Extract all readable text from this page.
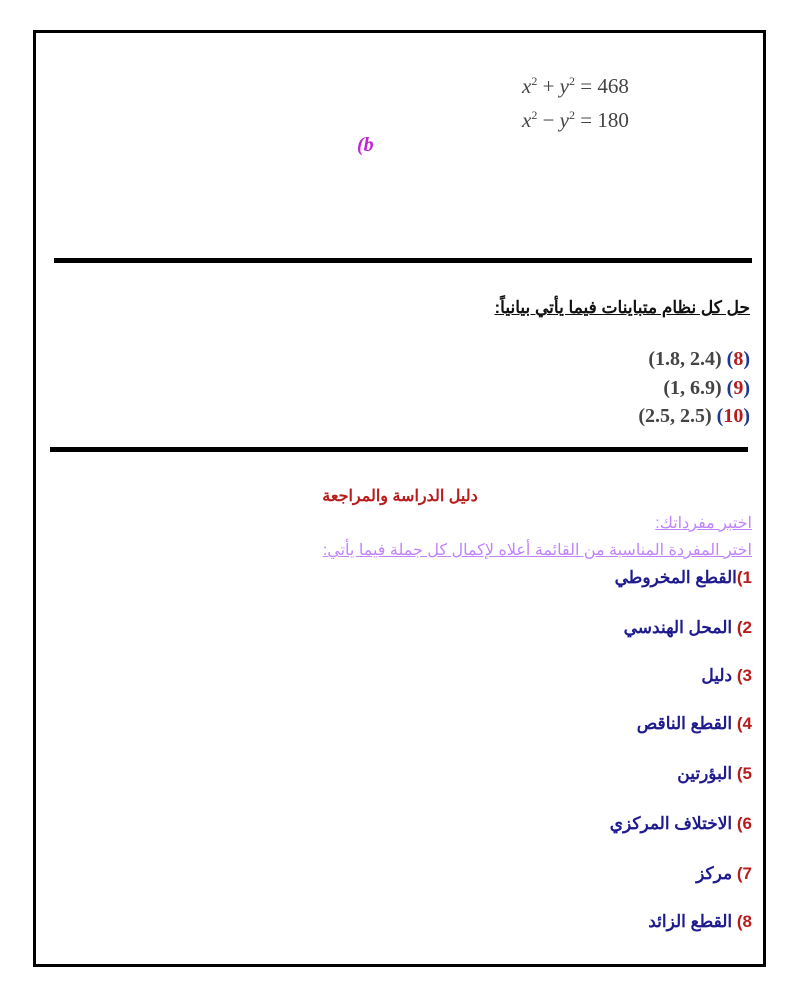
$x^2 + y^2 = 468$
$x^2 - y^2 = 180$
(b
حل كل نظام متباينات فيما يأتي بيانياً:
(1.8, 2.4) (8)
(1, 6.9) (9)
(2.5, 2.5) (10)
دليل الدراسة والمراجعة
اختبر مفرداتك:
اختر المفردة المناسبة من القائمة أعلاه لإكمال كل جملة فيما يأتي:
1)القطع المخروطي
2) المحل الهندسي
3) دليل
4) القطع الناقص
5) البؤرتين
6) الاختلاف المركزي
7) مركز
8) القطع الزائد
